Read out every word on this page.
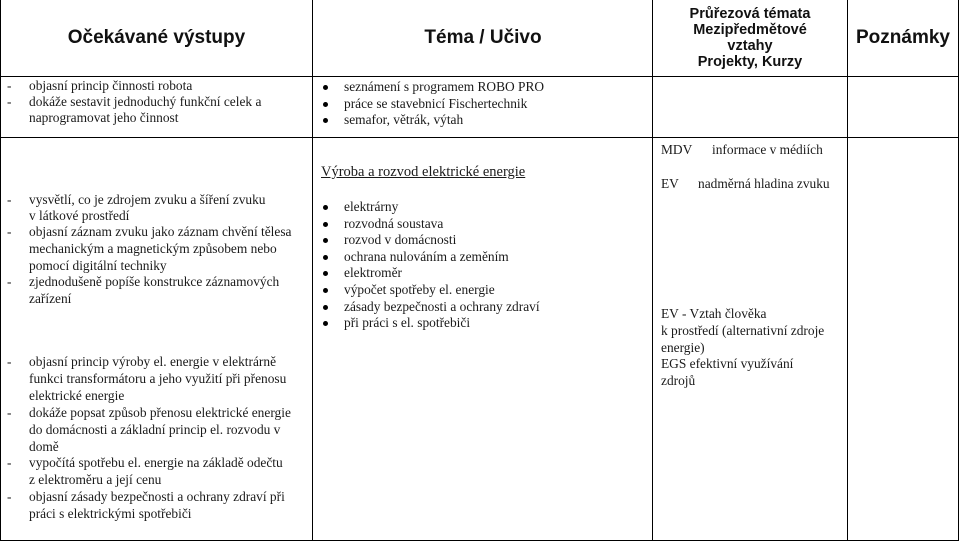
Očekávané výstupy	Téma / Učivo
Průřezová témata
Mezipředmětové
vztahy
Projekty, Kurzy
Poznámky
- objasní princip činnosti robota
- dokáže sestavit jednoduchý funkční celek a
naprogramovat jeho činnost
seznámení s programem ROBO PRO
práce se stavebnicí Fischertechnik
semafor, větrák, výtah
MDV informace v médiích
EV nadměrná hladina zvuku
EV - Vztah člověka
k prostředí (alternativní zdroje
energie)
EGS efektivní využívání
zdrojů
Výroba a rozvod elektrické energie
elektrárny
rozvodná soustava
rozvod v domácnosti
ochrana nulováním a zeměním
elektroměr
výpočet spotřeby el. energie
zásady bezpečnosti a ochrany zdraví
při práci s el. spotřebiči
- vysvětlí, co je zdrojem zvuku a šíření zvuku
v látkové prostředí
- objasní záznam zvuku jako záznam chvění tělesa
mechanickým a magnetickým způsobem nebo
pomocí digitální techniky
- zjednodušeně popíše konstrukce záznamových
zařízení
- objasní princip výroby el. energie v elektrárně
funkci transformátoru a jeho využití při přenosu
elektrické energie
- dokáže popsat způsob přenosu elektrické energie
do domácnosti a základní princip el. rozvodu v
domě
- vypočítá spotřebu el. energie na základě odečtu
z elektroměru a její cenu
- objasní zásady bezpečnosti a ochrany zdraví při
práci s elektrickými spotřebiči
